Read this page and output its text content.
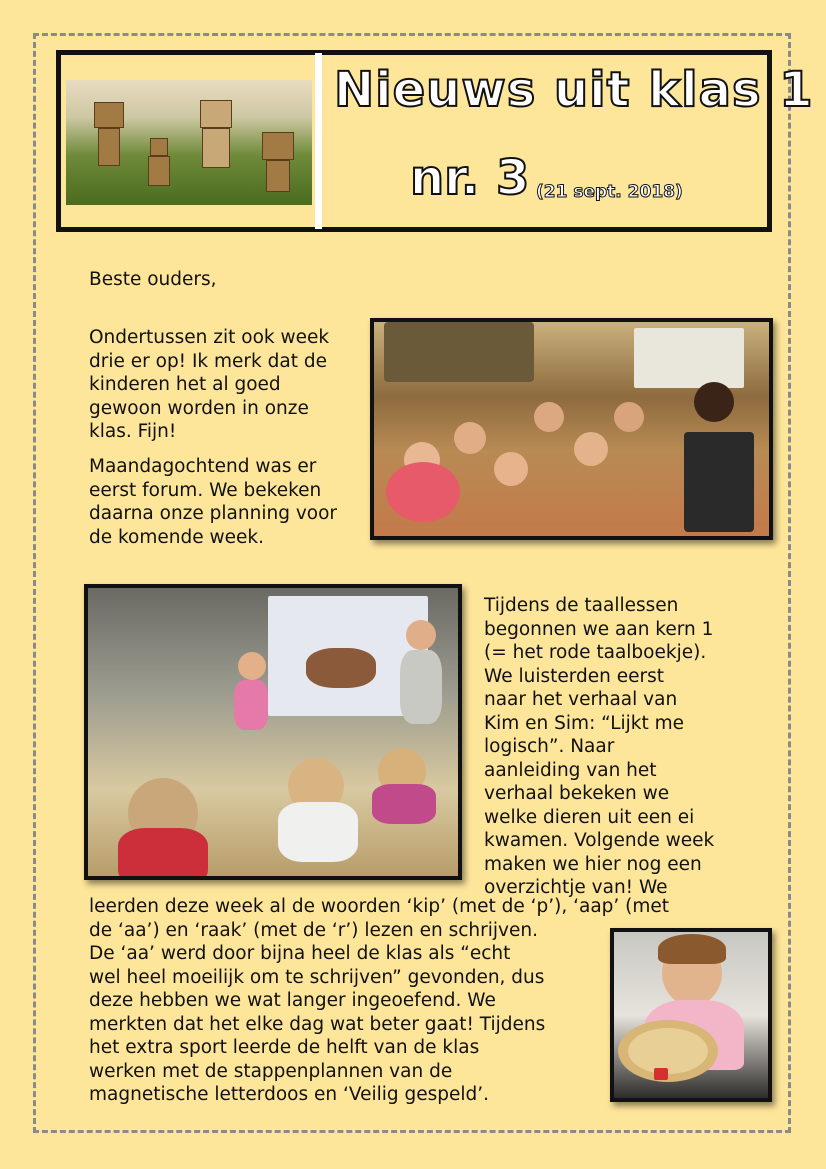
Nieuws uit klas 1
nr. 3 (21 sept. 2018)
Beste ouders,

Ondertussen zit ook week

drie er op! Ik merk dat de

kinderen het al goed

gewoon worden in onze

klas. Fijn!

Maandagochtend was er

eerst forum. We bekeken

daarna onze planning voor

de komende week.

Tijdens de taallessen

begonnen we aan kern 1

(= het rode taalboekje).

We luisterden eerst

naar het verhaal van

Kim en Sim: “Lijkt me

logisch”. Naar

aanleiding van het

verhaal bekeken we

welke dieren uit een ei

kwamen. Volgende week

maken we hier nog een

overzichtje van! We

leerden deze week al de woorden ‘kip’ (met de ‘p’), ‘aap’ (met

de ‘aa’) en ‘raak’ (met de ‘r’) lezen en schrijven.

De ‘aa’ werd door bijna heel de klas als “echt

wel heel moeilijk om te schrijven” gevonden, dus

deze hebben we wat langer ingeoefend. We

merkten dat het elke dag wat beter gaat! Tijdens

het extra sport leerde de helft van de klas

werken met de stappenplannen van de

magnetische letterdoos en ‘Veilig gespeld’.
